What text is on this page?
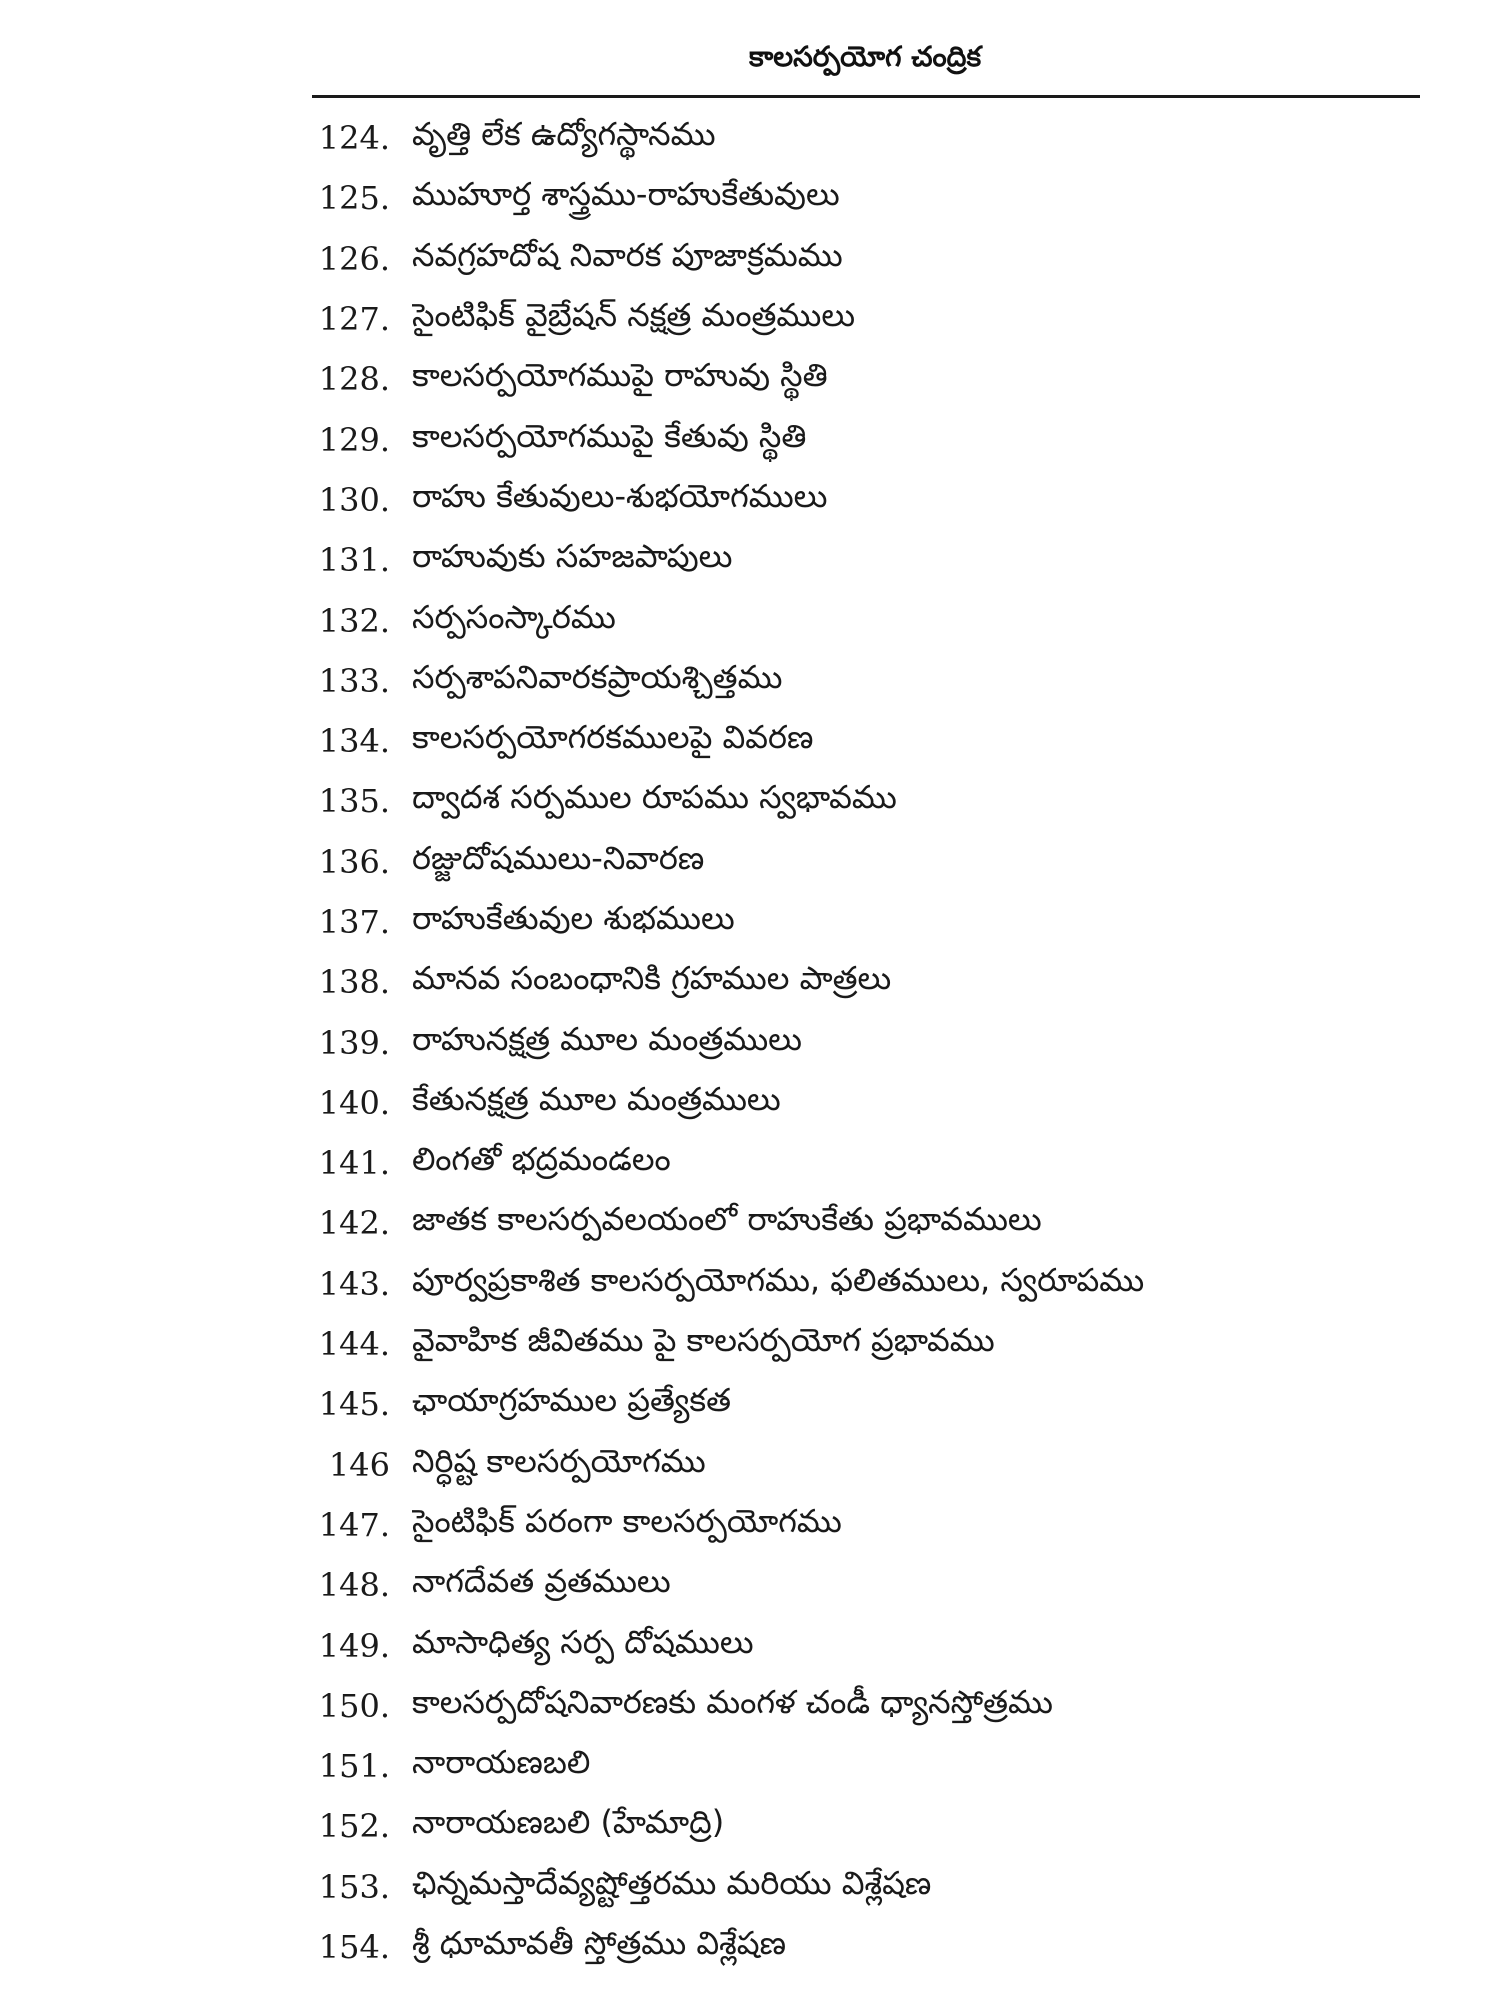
కాలసర్పయోగ చంద్రిక
124. వృత్తి లేక ఉద్యోగస్థానము
125. ముహూర్త శాస్త్రము-రాహుకేతువులు
126. నవగ్రహదోష నివారక పూజాక్రమము
127. సైంటిఫిక్ వైబ్రేషన్ నక్షత్ర మంత్రములు
128. కాలసర్పయోగముపై రాహువు స్థితి
129. కాలసర్పయోగముపై కేతువు స్థితి
130. రాహు కేతువులు-శుభయోగములు
131. రాహువుకు సహజపాపులు
132. సర్పసంస్కారము
133. సర్పశాపనివారకప్రాయశ్చిత్తము
134. కాలసర్పయోగరకములపై వివరణ
135. ద్వాదశ సర్పముల రూపము స్వభావము
136. రజ్జుదోషములు-నివారణ
137. రాహుకేతువుల శుభములు
138. మానవ సంబంధానికి గ్రహముల పాత్రలు
139. రాహునక్షత్ర మూల మంత్రములు
140. కేతునక్షత్ర మూల మంత్రములు
141. లింగతో భద్రమండలం
142. జాతక కాలసర్పవలయంలో రాహుకేతు ప్రభావములు
143. పూర్వప్రకాశిత కాలసర్పయోగము, ఫలితములు, స్వరూపము
144. వైవాహిక జీవితము పై కాలసర్పయోగ ప్రభావము
145. ఛాయాగ్రహముల ప్రత్యేకత
146 నిర్ధిష్ట కాలసర్పయోగము
147. సైంటిఫిక్ పరంగా కాలసర్పయోగము
148. నాగదేవత వ్రతములు
149. మాసాధిత్య సర్ప దోషములు
150. కాలసర్పదోషనివారణకు మంగళ చండీ ధ్యానస్తోత్రము
151. నారాయణబలి
152. నారాయణబలి (హేమాద్రి)
153. ఛిన్నమస్తాదేవ్యష్టోత్తరము మరియు విశ్లేషణ
154. శ్రీ ధూమావతీ స్తోత్రము విశ్లేషణ
